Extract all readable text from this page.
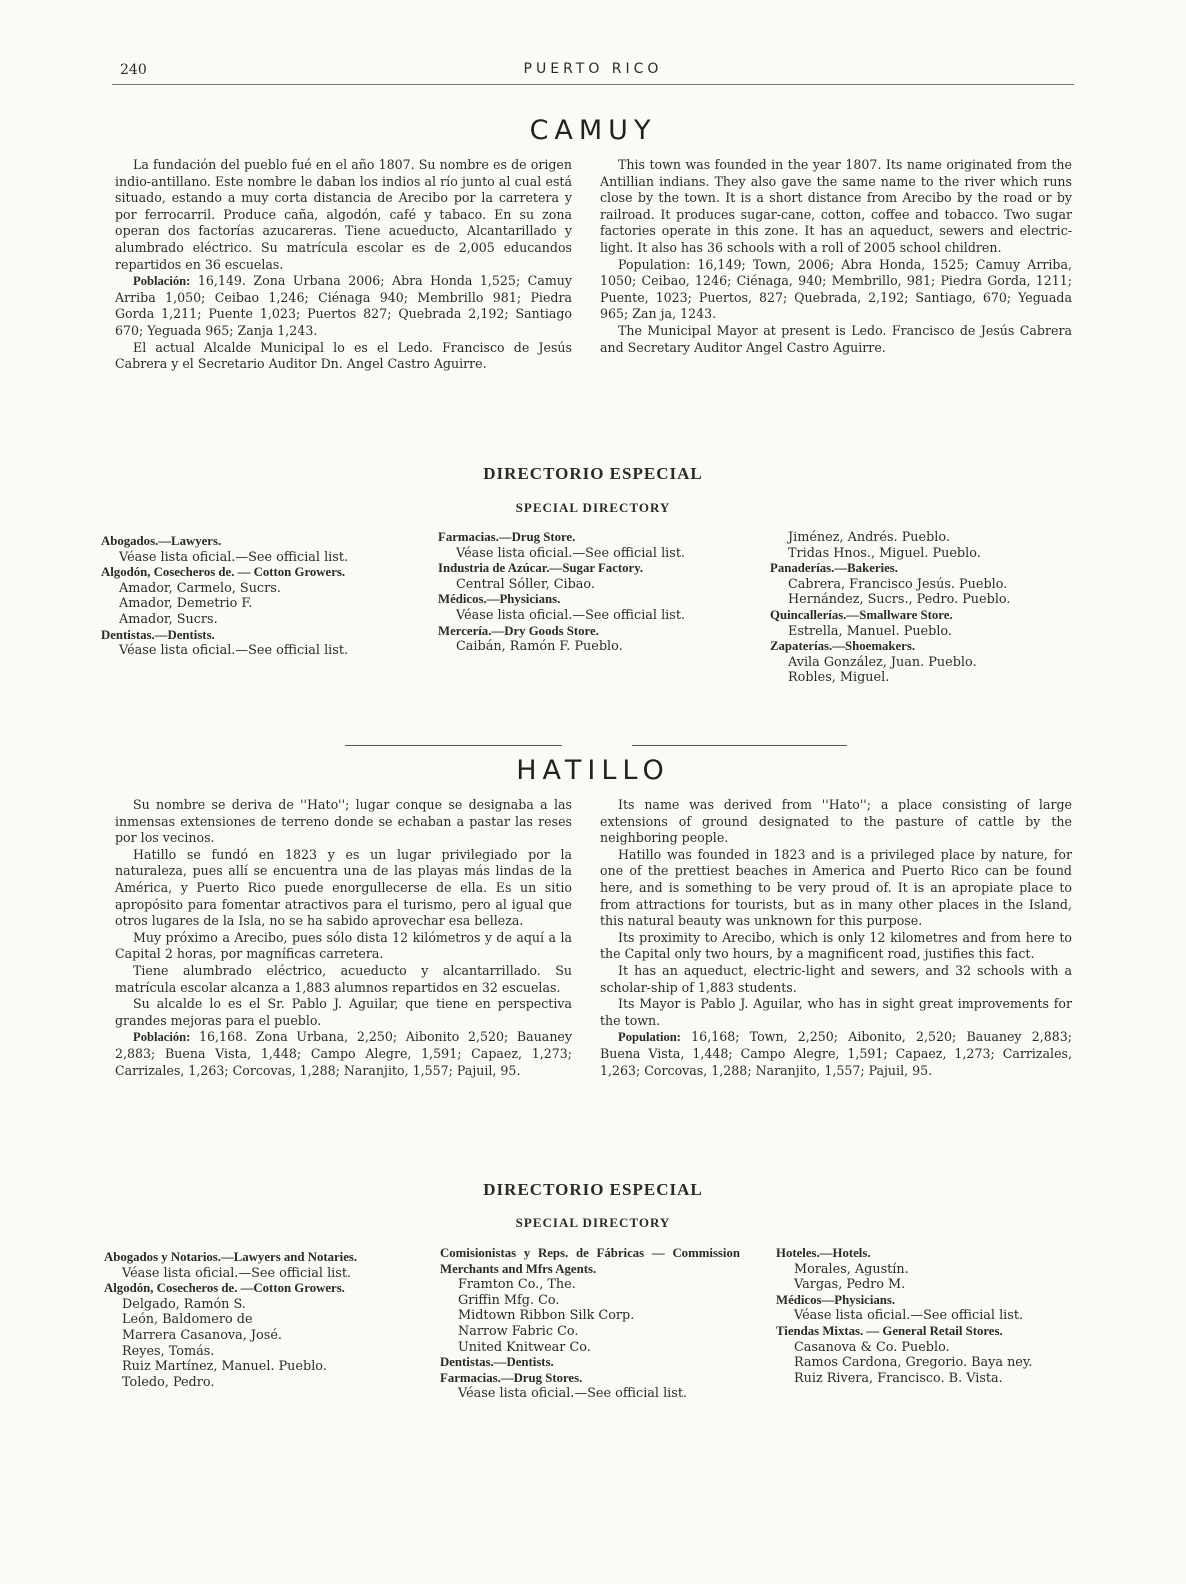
240	PUERTO RICO
CAMUY

La fundación del pueblo fué en el año 1807. Su nombre es de origen indio-antillano. Este nombre le daban los indios al río junto al cual está situado, estando a muy corta distancia de Arecibo por la carretera y por ferrocarril. Produce caña, algodón, café y tabaco. En su zona operan dos factorías azucareras. Tiene acueducto, Alcantarillado y alumbrado eléctrico. Su matrícula escolar es de 2,005 educandos repartidos en 36 escuelas.

Población: 16,149. Zona Urbana 2006; Abra Honda 1,525; Camuy Arriba 1,050; Ceibao 1,246; Ciénaga 940; Membrillo 981; Piedra Gorda 1,211; Puente 1,023; Puertos 827; Quebrada 2,192; Santiago 670; Yeguada 965; Zanja 1,243.

El actual Alcalde Municipal lo es el Ledo. Francisco de Jesús Cabrera y el Secretario Auditor Dn. Angel Castro Aguirre.

This town was founded in the year 1807. Its name originated from the Antillian indians. They also gave the same name to the river which runs close by the town. It is a short distance from Arecibo by the road or by railroad. It produces sugar-cane, cotton, coffee and tobacco. Two sugar factories operate in this zone. It has an aqueduct, sewers and electric-light. It also has 36 schools with a roll of 2005 school children.

Population: 16,149; Town, 2006; Abra Honda, 1525; Camuy Arriba, 1050; Ceibao, 1246; Ciénaga, 940; Membrillo, 981; Piedra Gorda, 1211; Puente, 1023; Puertos, 827; Quebrada, 2,192; Santiago, 670; Yeguada 965; Zan ja, 1243.

The Municipal Mayor at present is Ledo. Francisco de Jesús Cabrera and Secretary Auditor Angel Castro Aguirre.

DIRECTORIO ESPECIAL
SPECIAL DIRECTORY
Abogados.—Lawyers.
Véase lista oficial.—See official list.
Algodón, Cosecheros de. — Cotton Growers.
Amador, Carmelo, Sucrs.
Amador, Demetrio F.
Amador, Sucrs.
Dentistas.—Dentists.
Véase lista oficial.—See official list.
Farmacias.—Drug Store.
Véase lista oficial.—See official list.
Industria de Azúcar.—Sugar Factory.
Central Sóller, Cibao.
Médicos.—Physicians.
Véase lista oficial.—See official list.
Mercería.—Dry Goods Store.
Caibán, Ramón F. Pueblo.
Jiménez, Andrés. Pueblo.
Tridas Hnos., Miguel. Pueblo.
Panaderías.—Bakeries.
Cabrera, Francisco Jesús. Pueblo.
Hernández, Sucrs., Pedro. Pueblo.
Quincallerías.—Smallware Store.
Estrella, Manuel. Pueblo.
Zapaterías.—Shoemakers.
Avila González, Juan. Pueblo.
Robles, Miguel.
HATILLO

Su nombre se deriva de ''Hato''; lugar conque se designaba a las inmensas extensiones de terreno donde se echaban a pastar las reses por los vecinos.

Hatillo se fundó en 1823 y es un lugar privilegiado por la naturaleza, pues allí se encuentra una de las playas más lindas de la América, y Puerto Rico puede enorgullecerse de ella. Es un sitio apropósito para fomentar atractivos para el turismo, pero al igual que otros lugares de la Isla, no se ha sabido aprovechar esa belleza.

Muy próximo a Arecibo, pues sólo dista 12 kilómetros y de aquí a la Capital 2 horas, por magníficas carretera.

Tiene alumbrado eléctrico, acueducto y alcantarrillado. Su matrícula escolar alcanza a 1,883 alumnos repartidos en 32 escuelas.

Su alcalde lo es el Sr. Pablo J. Aguilar, que tiene en perspectiva grandes mejoras para el pueblo.

Población: 16,168. Zona Urbana, 2,250; Aibonito 2,520; Bauaney 2,883; Buena Vista, 1,448; Campo Alegre, 1,591; Capaez, 1,273; Carrizales, 1,263; Corcovas, 1,288; Naranjito, 1,557; Pajuil, 95.

Its name was derived from ''Hato''; a place consisting of large extensions of ground designated to the pasture of cattle by the neighboring people.

Hatillo was founded in 1823 and is a privileged place by nature, for one of the prettiest beaches in America and Puerto Rico can be found here, and is something to be very proud of. It is an apropiate place to from attractions for tourists, but as in many other places in the Island, this natural beauty was unknown for this purpose.

Its proximity to Arecibo, which is only 12 kilometres and from here to the Capital only two hours, by a magnificent road, justifies this fact.

It has an aqueduct, electric-light and sewers, and 32 schools with a scholar-ship of 1,883 students.

Its Mayor is Pablo J. Aguilar, who has in sight great improvements for the town.

Population: 16,168; Town, 2,250; Aibonito, 2,520; Bauaney 2,883; Buena Vista, 1,448; Campo Alegre, 1,591; Capaez, 1,273; Carrizales, 1,263; Corcovas, 1,288; Naranjito, 1,557; Pajuil, 95.

DIRECTORIO ESPECIAL
SPECIAL DIRECTORY
Abogados y Notarios.—Lawyers and Notaries.
Véase lista oficial.—See official list.
Algodón, Cosecheros de. —Cotton Growers.
Delgado, Ramón S.
León, Baldomero de
Marrera Casanova, José.
Reyes, Tomás.
Ruiz Martínez, Manuel. Pueblo.
Toledo, Pedro.
Comisionistas y Reps. de Fábricas — Commission Merchants and Mfrs Agents.
Framton Co., The.
Griffin Mfg. Co.
Midtown Ribbon Silk Corp.
Narrow Fabric Co.
United Knitwear Co.
Dentistas.—Dentists.
Farmacias.—Drug Stores.
Véase lista oficial.—See official list.
Hoteles.—Hotels.
Morales, Agustín.
Vargas, Pedro M.
Médicos—Physicians.
Véase lista oficial.—See official list.
Tiendas Mixtas. — General Retail Stores.
Casanova & Co. Pueblo.
Ramos Cardona, Gregorio. Baya ney.
Ruiz Rivera, Francisco. B. Vista.
